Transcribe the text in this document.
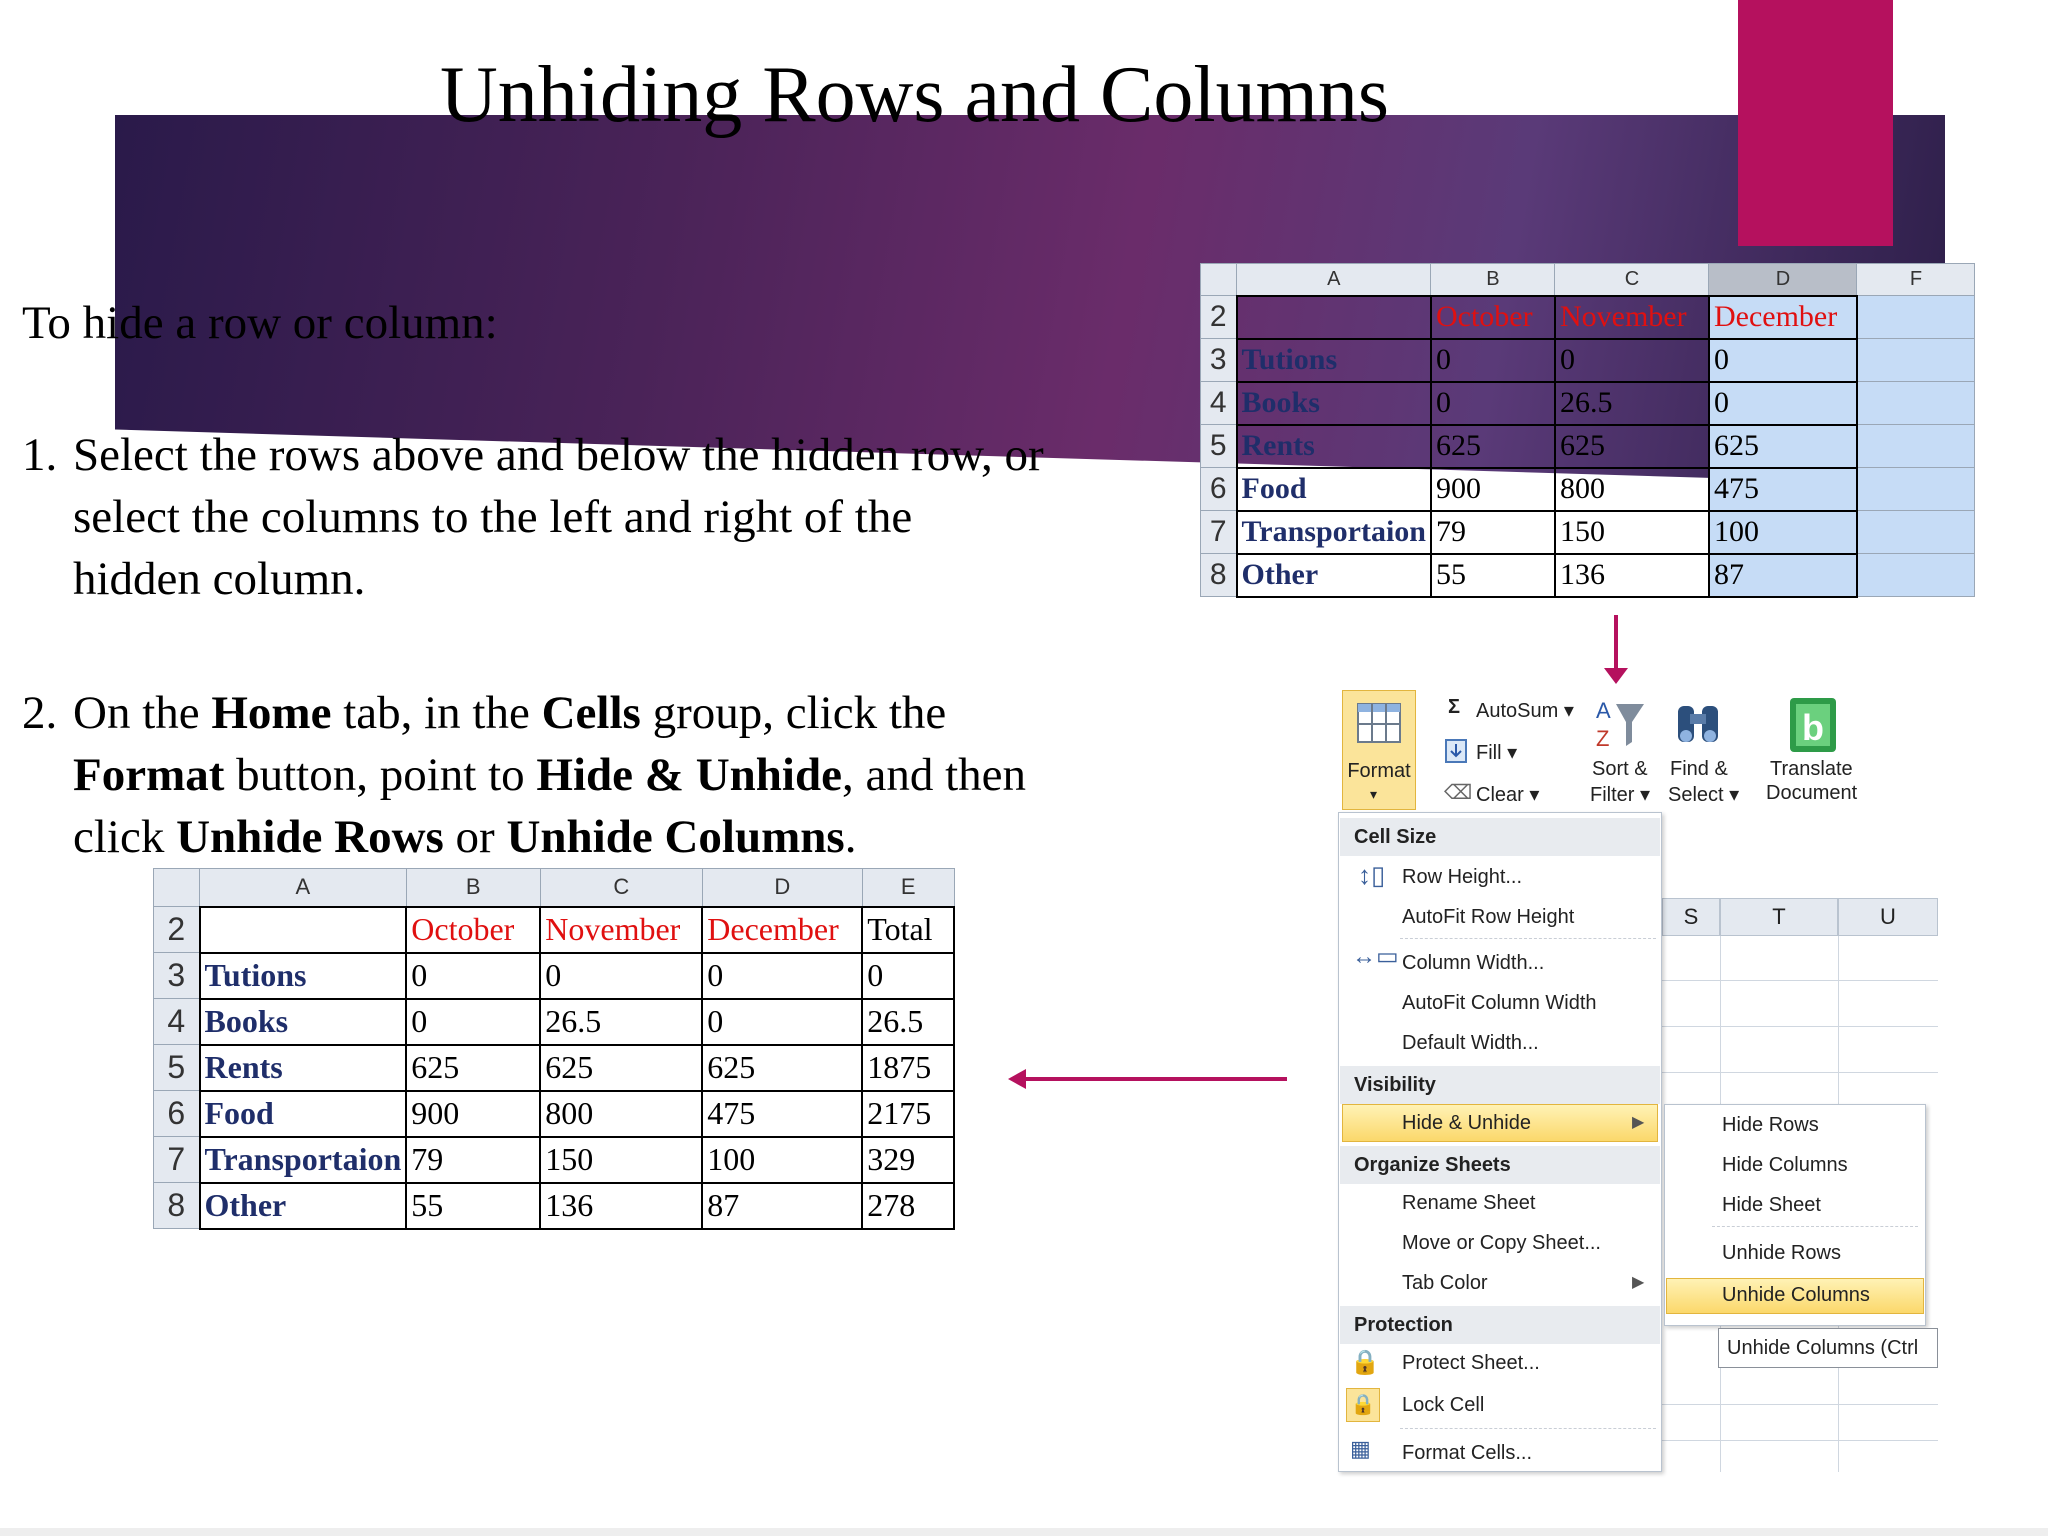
Unhiding Rows and Columns
To hide a row or column:
1. Select the rows above and below the hidden row, or
select the columns to the left and right of the
hidden column.
2. On the Home tab, in the Cells group, click the
Format button, point to Hide & Unhide, and then
click Unhide Rows or Unhide Columns.
	A	B	C	D	F
2		October	November	December	
3	Tutions	0	0	0	
4	Books	0	26.5	0	
5	Rents	625	625	625	
6	Food	900	800	475	
7	Transportaion	79	150	100	
8	Other	55	136	87	
	A	B	C	D	E
2		October	November	December	Total
3	Tutions	0	0	0	0
4	Books	0	26.5	0	26.5
5	Rents	625	625	625	1875
6	Food	900	800	475	2175
7	Transportaion	79	150	100	329
8	Other	55	136	87	278
S	T	U
Format
▾
Σ AutoSum ▾
Fill ▾
⌫ Clear ▾
A
Z
Sort &
Filter ▾
Find &
Select ▾
b
Translate
Document
Cell Size
↕▯ Row Height...
AutoFit Row Height
↔▭ Column Width...
AutoFit Column Width
Default Width...
Visibility
Hide & Unhide	▶
Organize Sheets
Rename Sheet
Move or Copy Sheet...
Tab Color	▶
Protection
🔒 Protect Sheet...
🔒 Lock Cell
▦ Format Cells...
Hide Rows
Hide Columns
Hide Sheet
Unhide Rows
Unhide Columns
Unhide Columns (Ctrl
